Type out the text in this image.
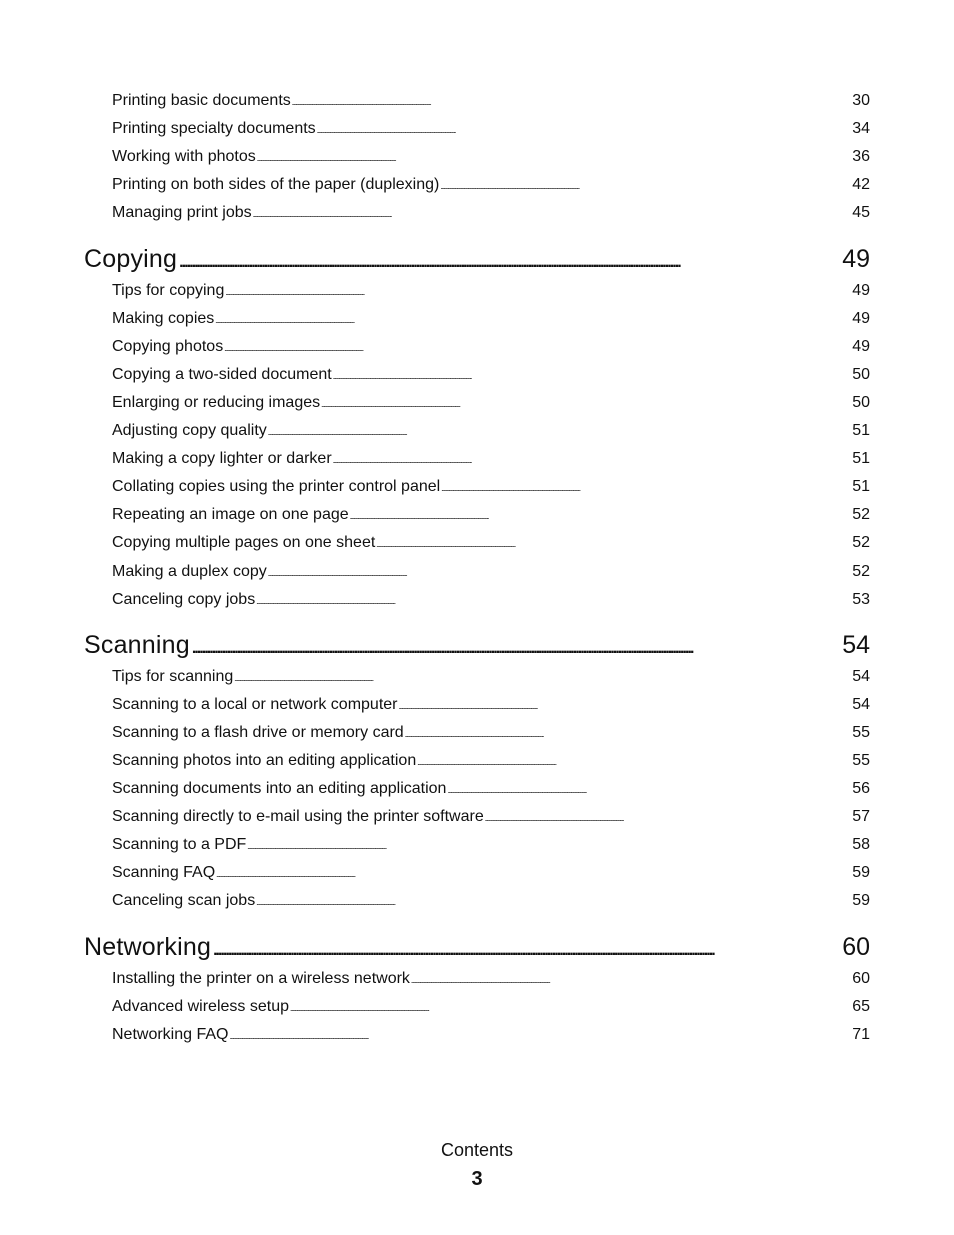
Printing basic documents . . .	30
Printing specialty documents . . .	34
Working with photos . . .	36
Printing on both sides of the paper (duplexing) . . .	42
Managing print jobs . . .	45
Copying . . .	49
Tips for copying . . .	49
Making copies . . .	49
Copying photos . . .	49
Copying a two-sided document . . .	50
Enlarging or reducing images . . .	50
Adjusting copy quality . . .	51
Making a copy lighter or darker . . .	51
Collating copies using the printer control panel . . .	51
Repeating an image on one page . . .	52
Copying multiple pages on one sheet . . .	52
Making a duplex copy . . .	52
Canceling copy jobs . . .	53
Scanning . . .	54
Tips for scanning . . .	54
Scanning to a local or network computer . . .	54
Scanning to a flash drive or memory card . . .	55
Scanning photos into an editing application . . .	55
Scanning documents into an editing application . . .	56
Scanning directly to e-mail using the printer software . . .	57
Scanning to a PDF . . .	58
Scanning FAQ . . .	59
Canceling scan jobs . . .	59
Networking . . .	60
Installing the printer on a wireless network . . .	60
Advanced wireless setup . . .	65
Networking FAQ . . .	71
Contents
3
